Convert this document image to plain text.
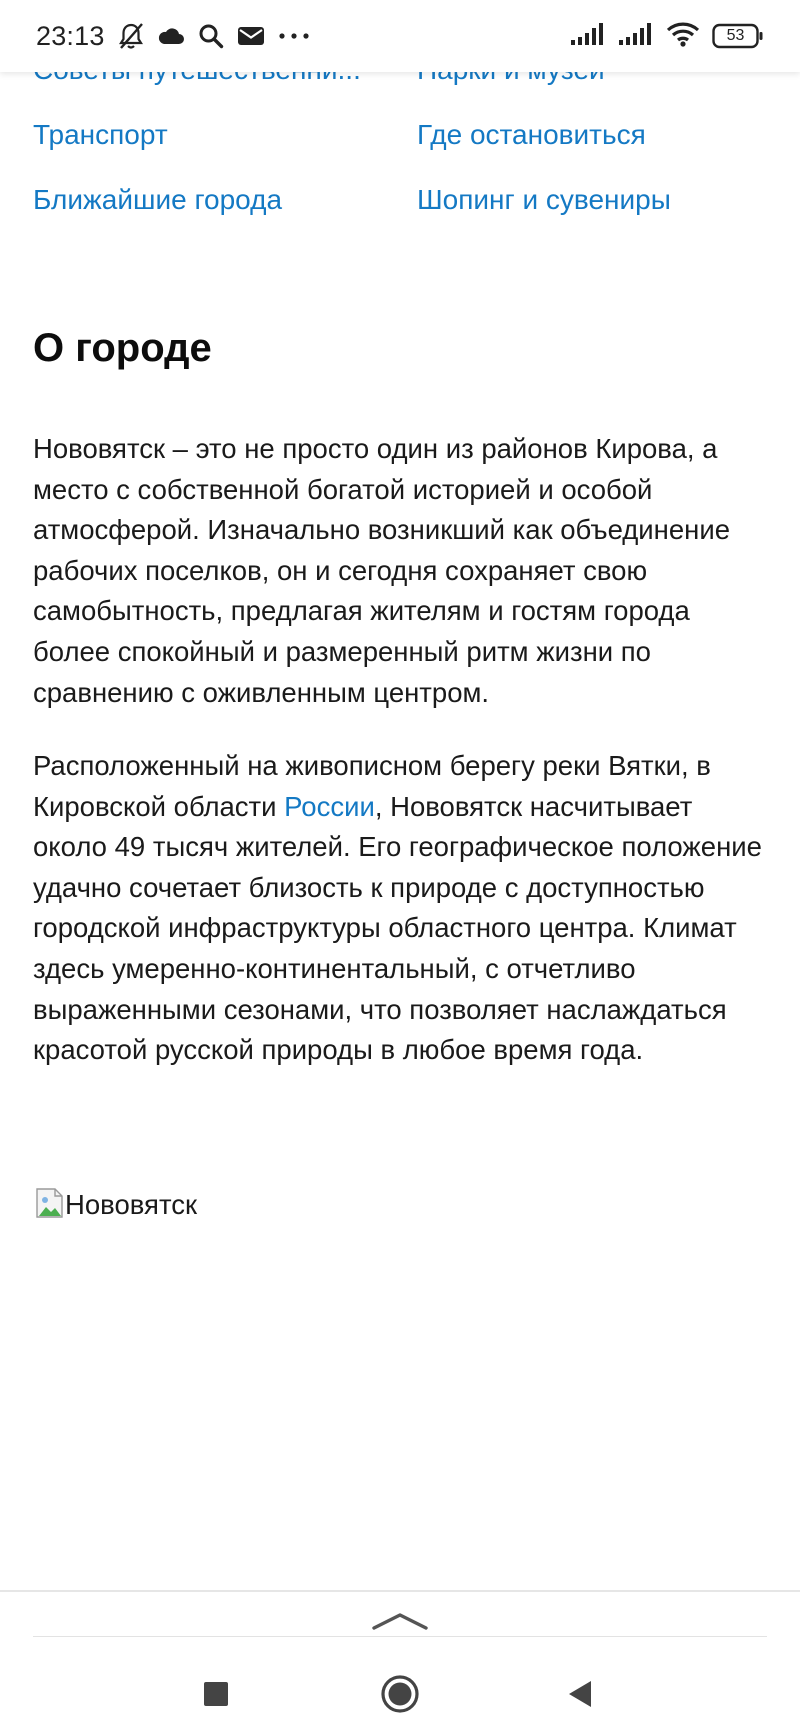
Транспорт	Где остановиться
Ближайшие города	Шопинг и сувениры
О городе

Нововятск – это не просто один из районов Кирова, а место с собственной богатой историей и особой атмосферой. Изначально возникший как объединение рабочих поселков, он и сегодня сохраняет свою самобытность, предлагая жителям и гостям города более спокойный и размеренный ритм жизни по сравнению с оживленным центром.

Расположенный на живописном берегу реки Вятки, в Кировской области России, Нововятск насчитывает около 49 тысяч жителей. Его географическое положение удачно сочетает близость к природе с доступностью городской инфраструктуры областного центра. Климат здесь умеренно-континентальный, с отчетливо выраженными сезонами, что позволяет наслаждаться красотой русской природы в любое время года.

Нововятск
23:13	53
